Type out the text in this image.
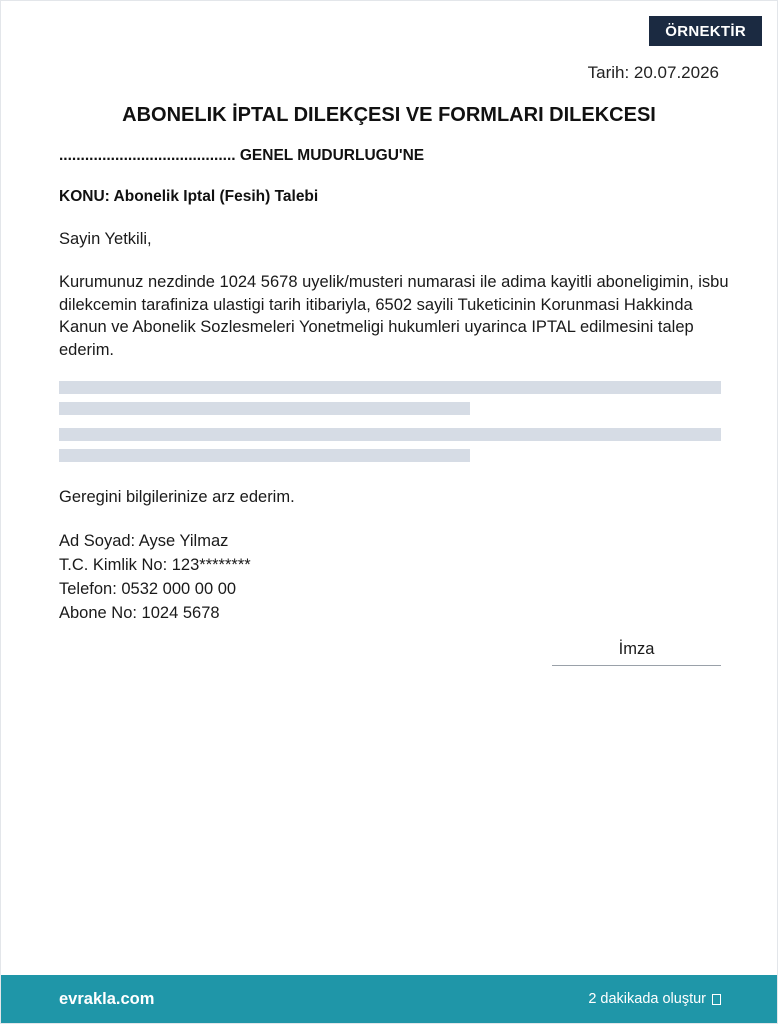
ÖRNEKTİR
Tarih: 20.07.2026
ABONELIK İPTAL DILEKÇESI VE FORMLARI DILEKCESI
......................................... GENEL MUDURLUGU'NE
KONU: Abonelik Iptal (Fesih) Talebi
Sayin Yetkili,
Kurumunuz nezdinde 1024 5678 uyelik/musteri numarasi ile adima kayitli aboneligimin, isbu dilekcemin tarafiniza ulastigi tarih itibariyla, 6502 sayili Tuketicinin Korunmasi Hakkinda Kanun ve Abonelik Sozlesmeleri Yonetmeligi hukumleri uyarinca IPTAL edilmesini talep ederim.
Geregini bilgilerinize arz ederim.
Ad Soyad: Ayse Yilmaz
T.C. Kimlik No: 123********
Telefon: 0532 000 00 00
Abone No: 1024 5678
İmza
evrakla.com	2 dakikada oluştur
